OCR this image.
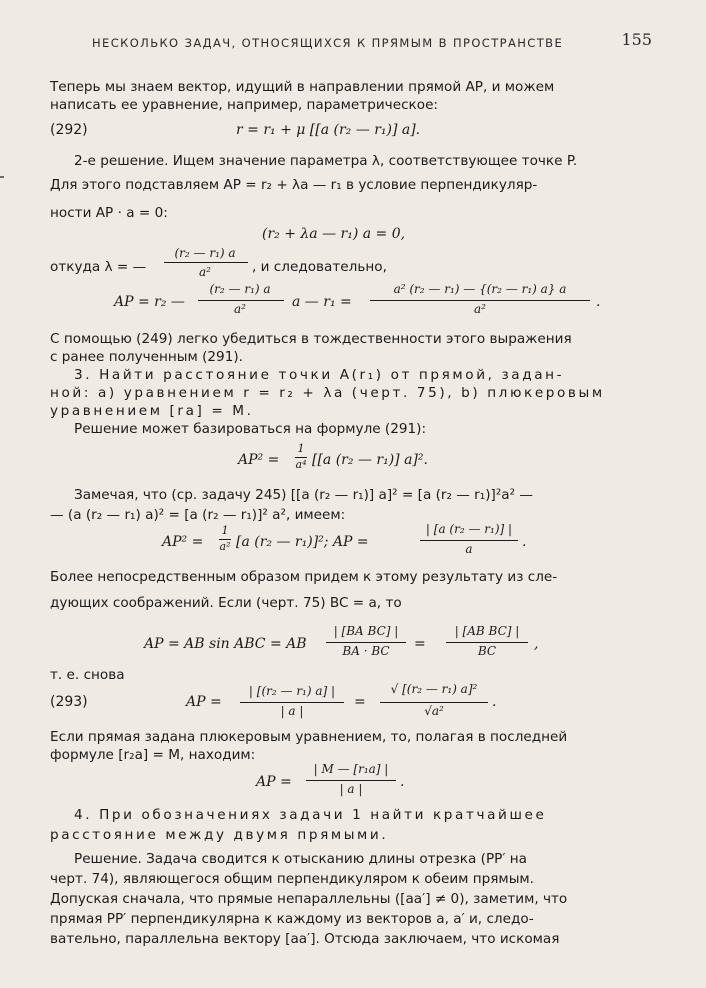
НЕСКОЛЬКО ЗАДАЧ, ОТНОСЯЩИХСЯ К ПРЯМЫМ В ПРОСТРАНСТВЕ	155
Теперь мы знаем вектор, идущий в направлении прямой AP, и можем
написать ее уравнение, например, параметрическое:
(292)	r = r₁ + μ [[a (r₂ — r₁)] a].
2-е решение. Ищем значение параметра λ, соответствующее точке P.
Для этого подставляем AP = r₂ + λa — r₁ в условие перпендикуляр-
ности AP · a = 0:
(r₂ + λa — r₁) a = 0,
откуда λ = —
(r₂ — r₁) a
a²	, и следовательно,
AP = r₂ —
(r₂ — r₁) a
a²	a — r₁ =
a² (r₂ — r₁) — {(r₂ — r₁) a} a
a²	.
С помощью (249) легко убедиться в тождественности этого выражения
с ранее полученным (291).
3. Найти расстояние точки A(r₁) от прямой, задан-
ной: а) уравнением r = r₂ + λa (черт. 75), b) плюкеровым
уравнением [ra] = M.
Решение может базироваться на формуле (291):
AP² =
1
a⁴ [[a (r₂ — r₁)] a]².
Замечая, что (ср. задачу 245) [[a (r₂ — r₁)] a]² = [a (r₂ — r₁)]²a² —
— (a (r₂ — r₁) a)² = [a (r₂ — r₁)]² a², имеем:
AP² =
1
a² [a (r₂ — r₁)]²; AP =
| [a (r₂ — r₁)] |
a	.
Более непосредственным образом придем к этому результату из сле-
дующих соображений. Если (черт. 75) BC = a, то
AP = AB sin ABC = AB
| [BA BC] |
BA · BC	=
| [AB BC] |
BC	,
т. е. снова
(293)	AP =
| [(r₂ — r₁) a] |
| a |
=
√ [(r₂ — r₁) a]²
√a²
.
Если прямая задана плюкеровым уравнением, то, полагая в последней
формуле [r₂a] = M, находим:
AP =
| M — [r₁a] |
| a |	.
4. При обозначениях задачи 1 найти кратчайшее
расстояние между двумя прямыми.
Решение. Задача сводится к отысканию длины отрезка (PP′ на
черт. 74), являющегося общим перпендикуляром к обеим прямым.
Допуская сначала, что прямые непараллельны ([aa′] ≠ 0), заметим, что
прямая PP′ перпендикулярна к каждому из векторов a, a′ и, следо-
вательно, параллельна вектору [aa′]. Отсюда заключаем, что искомая
